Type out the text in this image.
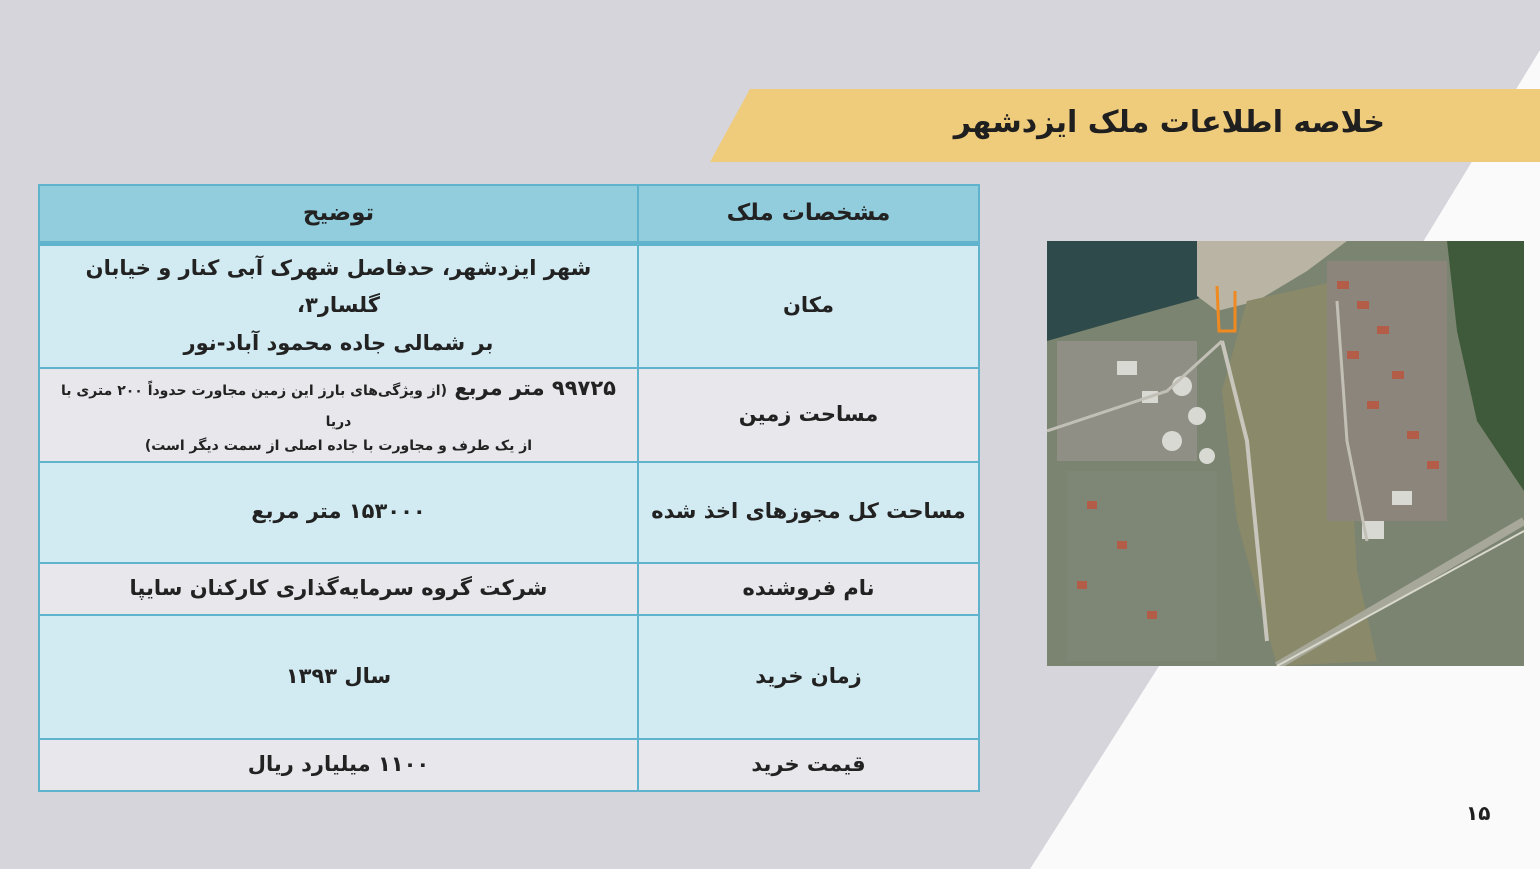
خلاصه اطلاعات ملک ایزدشهر
مشخصات ملک	توضیح
مکان	شهر ایزدشهر، حدفاصل شهرک آبی کنار و خیابان گلسار۳،
بر شمالی جاده محمود آباد-نور

مساحت زمین	۹۹۷۲۵ متر مربع (از ویژگی‌های بارز این زمین مجاورت حدوداً ۲۰۰ متری با دریا
از یک طرف و مجاورت با جاده اصلی از سمت دیگر است)

مساحت کل مجوزهای اخذ شده	۱۵۳۰۰۰ متر مربع
نام فروشنده	شرکت گروه سرمایه‌گذاری کارکنان سایپا
زمان خرید	سال ۱۳۹۳
قیمت خرید	۱۱۰۰ میلیارد ریال
۱۵
